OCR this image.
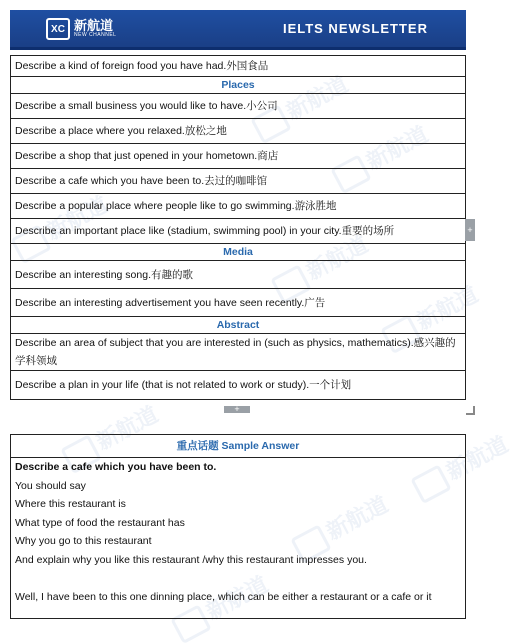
新航道
新航道
新航道
新航道
新航道
新航道
新航道
新航道
新航道
XC 新航道
NEW CHANNEL	IELTS NEWSLETTER
Describe a kind of foreign food you have had.外国食品
Places
Describe a small business you would like to have.小公司
Describe a place where you relaxed.放松之地
Describe a shop that just opened in your hometown.商店
Describe a cafe which you have been to.去过的咖啡馆
Describe a popular place where people like to go swimming.游泳胜地
Describe an important place like (stadium, swimming pool) in your city.重要的场所
Media
Describe an interesting song.有趣的歌
Describe an interesting advertisement you have seen recently.广告
Abstract
Describe an area of subject that you are interested in (such as physics, mathematics).感兴趣的学科领域
Describe a plan in your life (that is not related to work or study).一个计划
+
+
重点话题 Sample Answer

Describe a cafe which you have been to.
You should say
Where this restaurant is
What type of food the restaurant has
Why you go to this restaurant
And explain why you like this restaurant /why this restaurant impresses you.
Well, I have been to this one dinning place, which can be either a restaurant or a cafe or it
